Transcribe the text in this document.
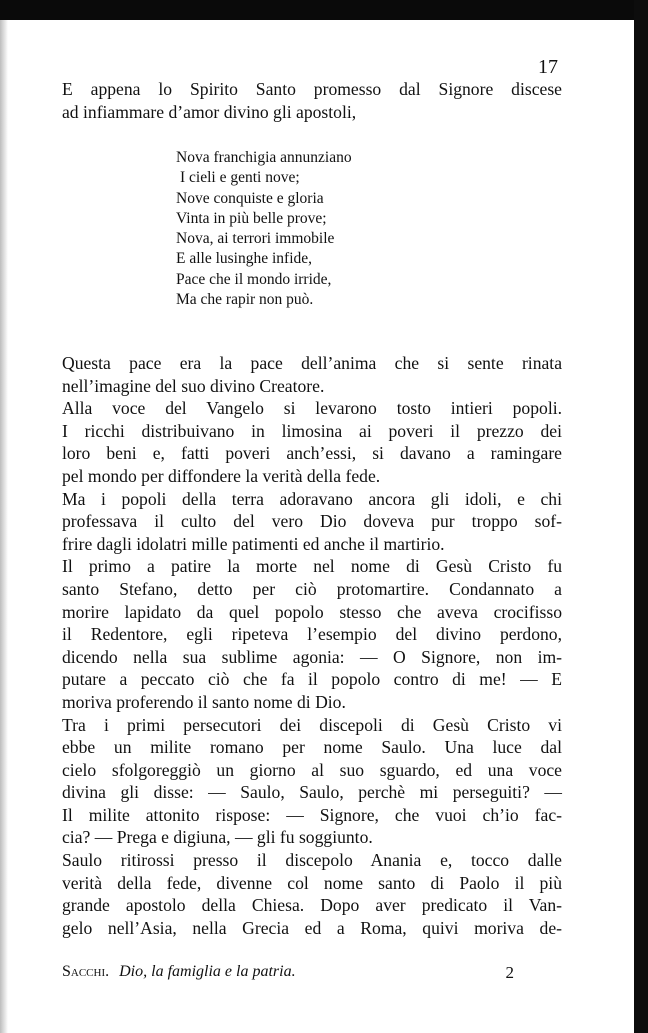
17
E appena lo Spirito Santo promesso dal Signore discese
ad infiammare d’amor divino gli apostoli,
Nova franchigia annunziano
I cieli e genti nove;
Nove conquiste e gloria
Vinta in più belle prove;
Nova, ai terrori immobile
E alle lusinghe infide,
Pace che il mondo irride,
Ma che rapir non può.
Questa pace era la pace dell’anima che si sente rinata
nell’imagine del suo divino Creatore.
Alla voce del Vangelo si levarono tosto intieri popoli.
I ricchi distribuivano in limosina ai poveri il prezzo dei
loro beni e, fatti poveri anch’essi, si davano a ramingare
pel mondo per diffondere la verità della fede.
Ma i popoli della terra adoravano ancora gli idoli, e chi
professava il culto del vero Dio doveva pur troppo sof-
frire dagli idolatri mille patimenti ed anche il martirio.
Il primo a patire la morte nel nome di Gesù Cristo fu
santo Stefano, detto per ciò protomartire. Condannato a
morire lapidato da quel popolo stesso che aveva crocifisso
il Redentore, egli ripeteva l’esempio del divino perdono,
dicendo nella sua sublime agonia: — O Signore, non im-
putare a peccato ciò che fa il popolo contro di me! — E
moriva proferendo il santo nome di Dio.
Tra i primi persecutori dei discepoli di Gesù Cristo vi
ebbe un milite romano per nome Saulo. Una luce dal
cielo sfolgoreggiò un giorno al suo sguardo, ed una voce
divina gli disse: — Saulo, Saulo, perchè mi perseguiti? —
Il milite attonito rispose: — Signore, che vuoi ch’io fac-
cia? — Prega e digiuna, — gli fu soggiunto.
Saulo ritirossi presso il discepolo Anania e, tocco dalle
verità della fede, divenne col nome santo di Paolo il più
grande apostolo della Chiesa. Dopo aver predicato il Van-
gelo nell’Asia, nella Grecia ed a Roma, quivi moriva de-
Sacchi. Dio, la famiglia e la patria.	2
